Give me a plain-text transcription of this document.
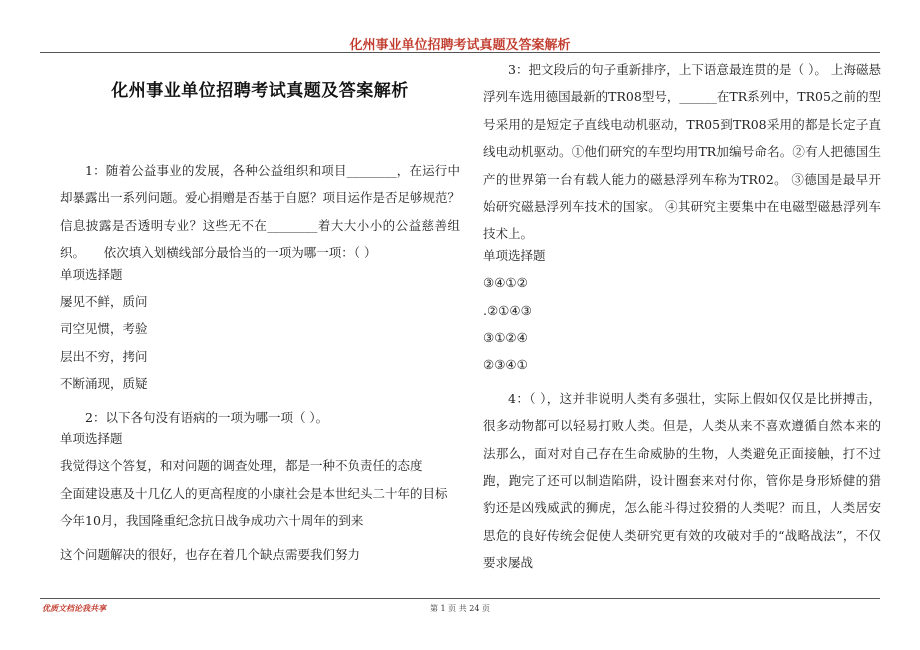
化州事业单位招聘考试真题及答案解析
化州事业单位招聘考试真题及答案解析

1：随着公益事业的发展，各种公益组织和项目________，在运行中却暴露出一系列问题。爱心捐赠是否基于自愿？项目运作是否足够规范？信息披露是否透明专业？这些无不在________着大大小小的公益慈善组织。　　依次填入划横线部分最恰当的一项为哪一项：（ ）

单项选择题

屡见不鲜，质问

司空见惯，考验

层出不穷，拷问

不断涌现，质疑

2：以下各句没有语病的一项为哪一项（ ）。

单项选择题

我觉得这个答复，和对问题的调查处理，都是一种不负责任的态度

全面建设惠及十几亿人的更高程度的小康社会是本世纪头二十年的目标

今年10月，我国隆重纪念抗日战争成功六十周年的到来

这个问题解决的很好，也存在着几个缺点需要我们努力

3：把文段后的句子重新排序，上下语意最连贯的是（ ）。 上海磁悬浮列车选用德国最新的TR08型号，______在TR系列中，TR05之前的型号采用的是短定子直线电动机驱动，TR05到TR08采用的都是长定子直线电动机驱动。①他们研究的车型均用TR加编号命名。②有人把德国生产的世界第一台有载人能力的磁悬浮列车称为TR02。 ③德国是最早开始研究磁悬浮列车技术的国家。 ④其研究主要集中在电磁型磁悬浮列车技术上。

单项选择题

③④①②

.②①④③

③①②④

②③④①

4：（ ），这并非说明人类有多强壮，实际上假如仅仅是比拼搏击，很多动物都可以轻易打败人类。但是，人类从来不喜欢遵循自然本来的法那么，面对对自己存在生命威胁的生物，人类避免正面接触，打不过跑，跑完了还可以制造陷阱，设计圈套来对付你，管你是身形矫健的猎豹还是凶残威武的狮虎，怎么能斗得过狡猾的人类呢？而且，人类居安思危的良好传统会促使人类研究更有效的攻破对手的“战略战法”，不仅要求屡战

优质文档论我共享	第 1 页 共 24 页
